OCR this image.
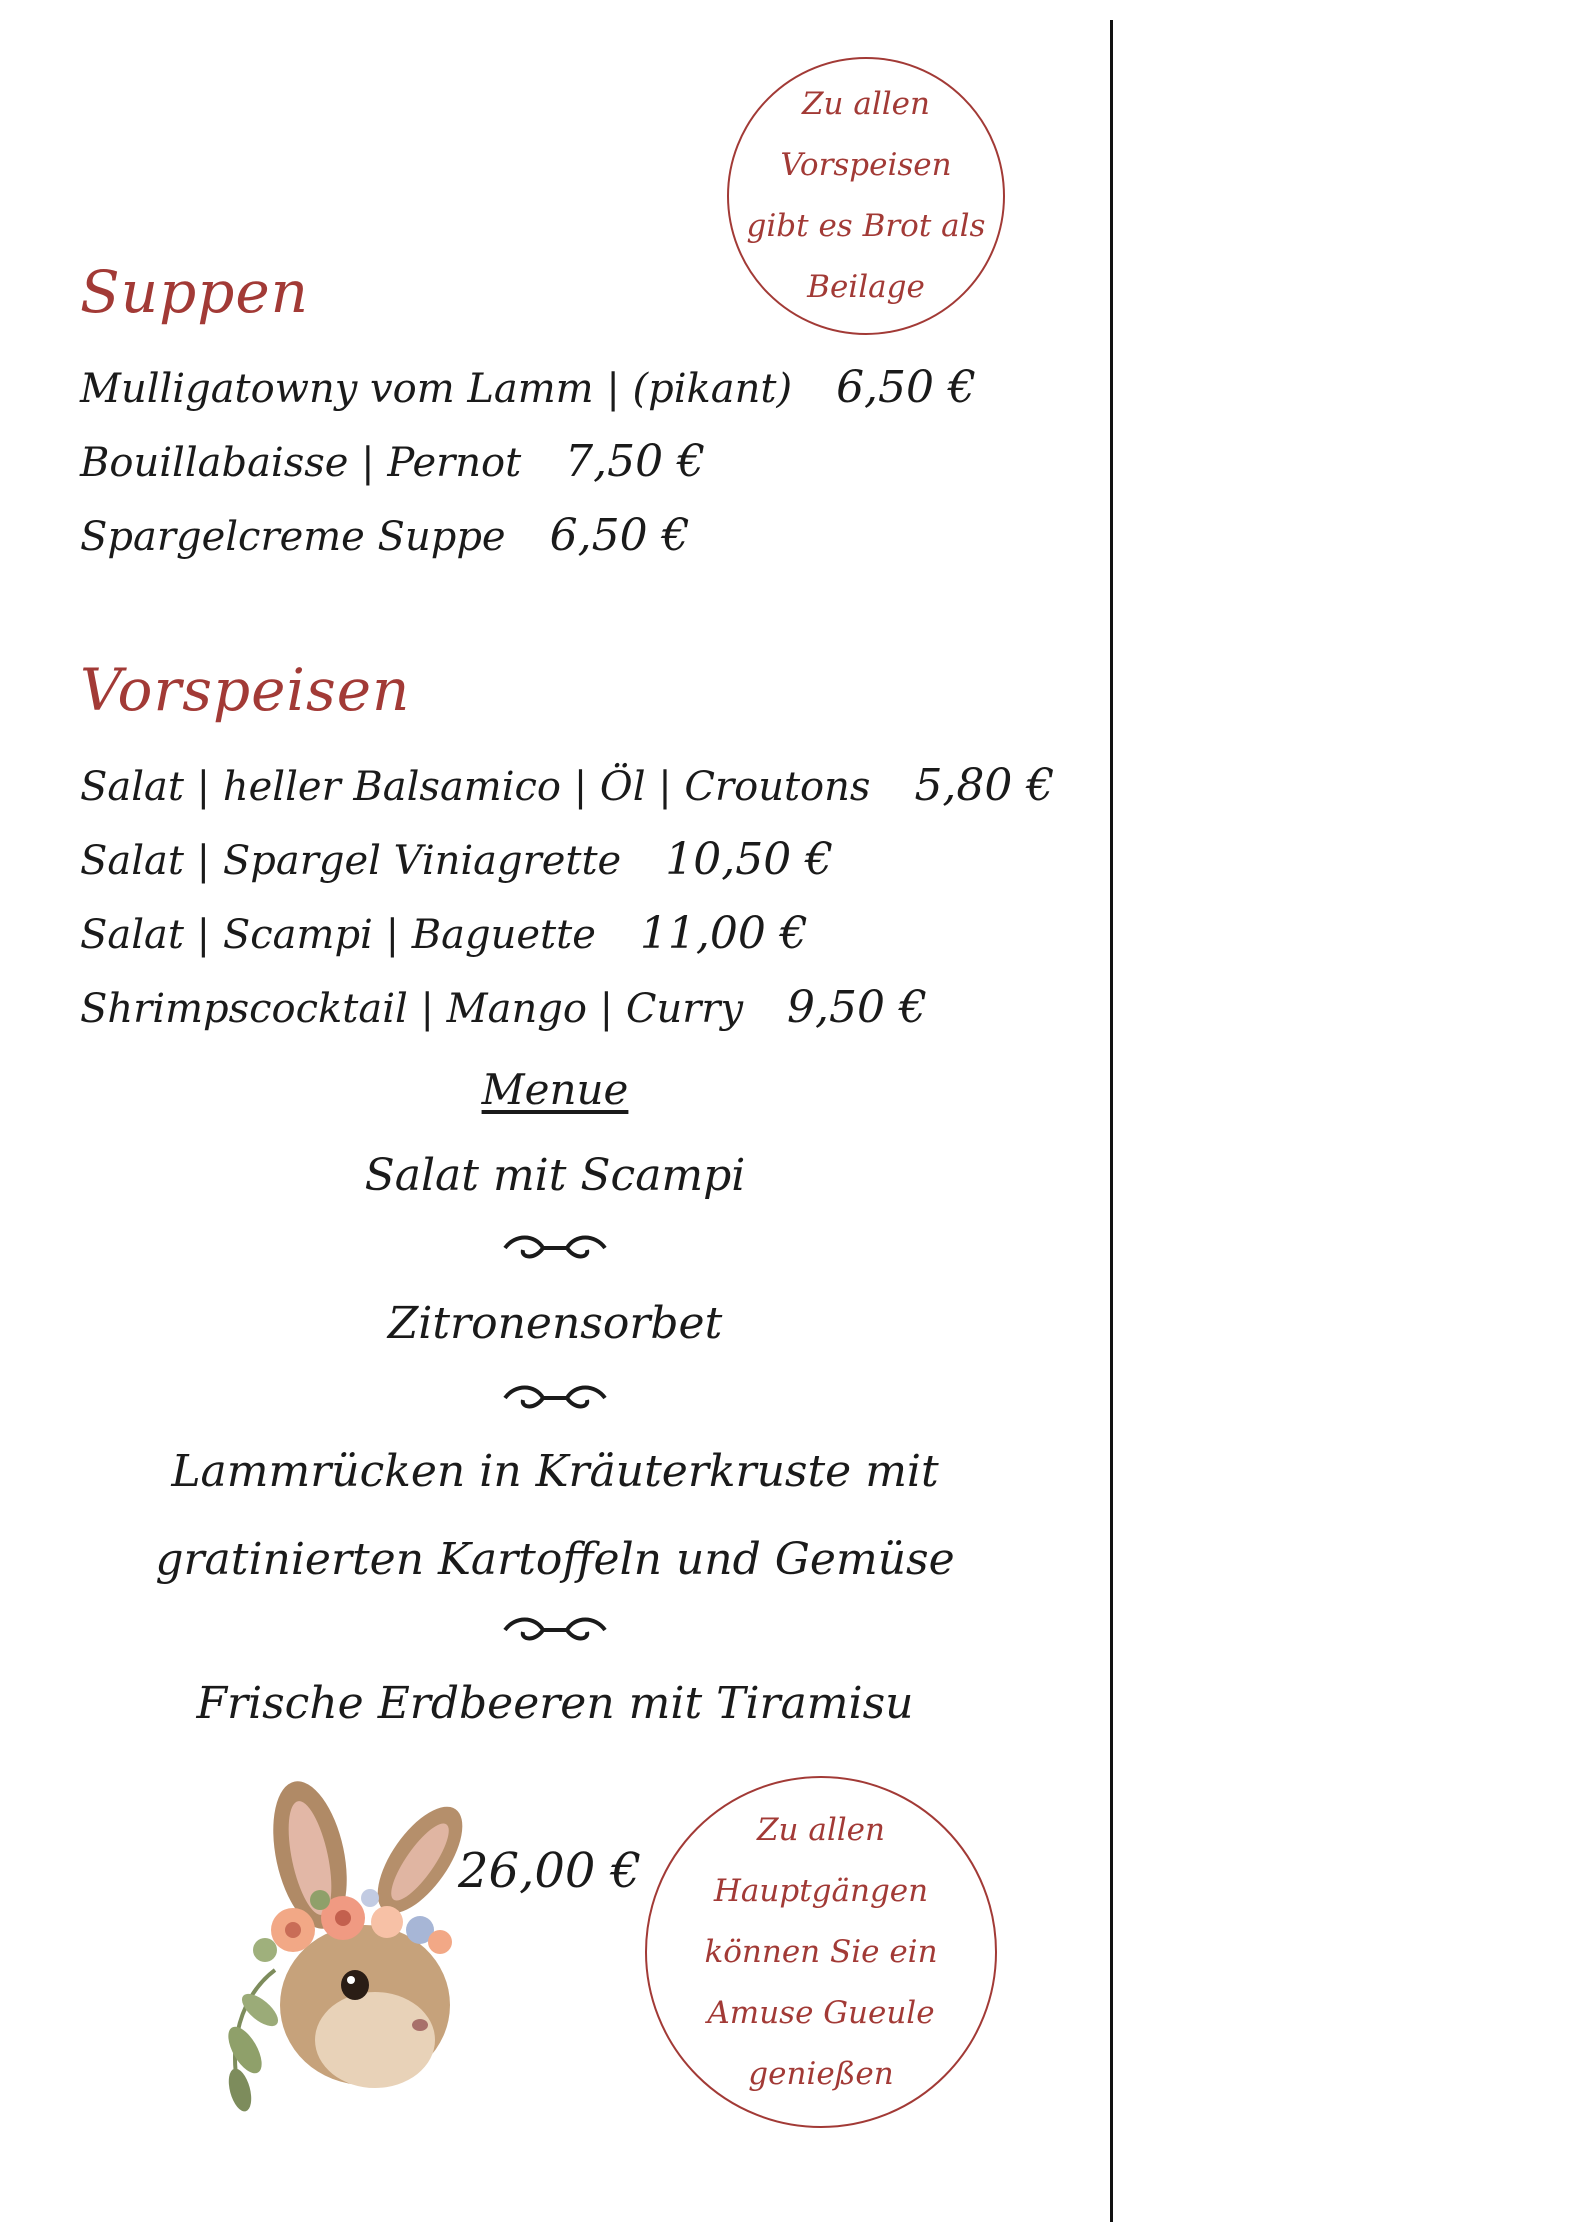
Zu allen
Vorspeisen
gibt es Brot als
Beilage
Suppen
Mulligatowny vom Lamm | (pikant) 6,50 €
Bouillabaisse | Pernot 7,50 €
Spargelcreme Suppe 6,50 €
Vorspeisen
Salat | heller Balsamico | Öl | Croutons 5,80 €
Salat | Spargel Viniagrette 10,50 €
Salat | Scampi | Baguette 11,00 €
Shrimpscocktail | Mango | Curry 9,50 €
Menue
Salat mit Scampi
Zitronensorbet
Lammrücken in Kräuterkruste mit
gratinierten Kartoffeln und Gemüse
Frische Erdbeeren mit Tiramisu
26,00 €
Zu allen
Hauptgängen
können Sie ein
Amuse Gueule
genießen
